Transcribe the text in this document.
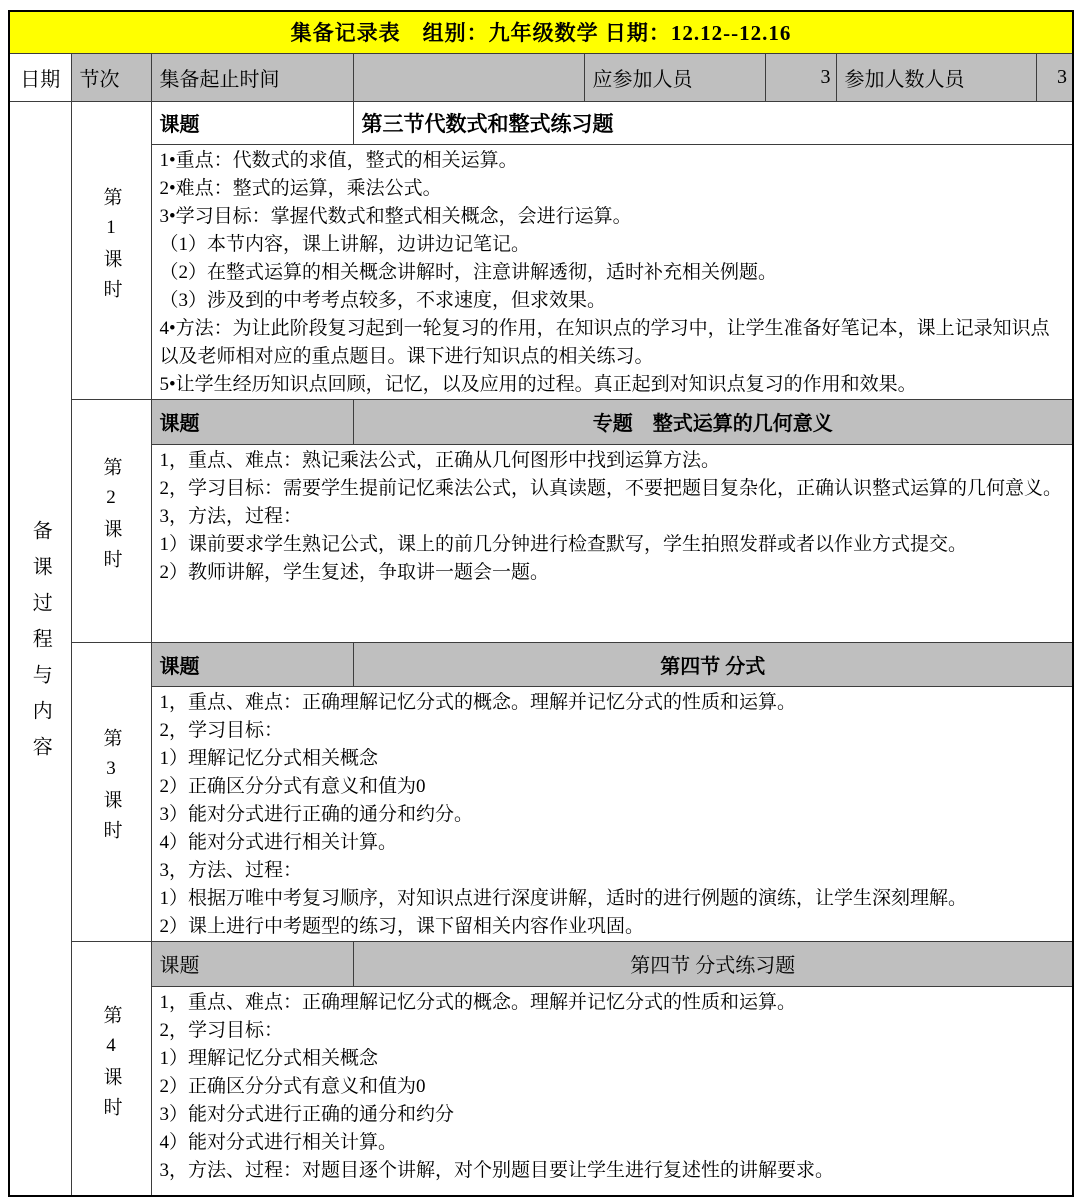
集备记录表　组别：九年级数学 日期：12.12--12.16							
日期	节次	集备起止时间		应参加人员	3	参加人数人员	3
备课过程与内容	第1课时	课题	第三节代数式和整式练习题				

1•重点：代数式的求值，整式的相关运算。

2•难点：整式的运算，乘法公式。

3•学习目标：掌握代数式和整式相关概念，会进行运算。

（1）本节内容，课上讲解，边讲边记笔记。

（2）在整式运算的相关概念讲解时，注意讲解透彻，适时补充相关例题。

（3）涉及到的中考考点较多，不求速度，但求效果。

4•方法：为让此阶段复习起到一轮复习的作用，在知识点的学习中，让学生准备好笔记本，课上记录知识点以及老师相对应的重点题目。课下进行知识点的相关练习。

5•让学生经历知识点回顾，记忆，以及应用的过程。真正起到对知识点复习的作用和效果。

	第2课时	课题	专题　整式运算的几何意义				

		1，重点、难点：熟记乘法公式，正确从几何图形中找到运算方法。

2，学习目标：需要学生提前记忆乘法公式，认真读题，不要把题目复杂化，正确认识整式运算的几何意义。

3，方法，过程：

1）课前要求学生熟记公式，课上的前几分钟进行检查默写，学生拍照发群或者以作业方式提交。

2）教师讲解，学生复述，争取讲一题会一题。					

	第3课时	课题	第四节 分式				

1，重点、难点：正确理解记忆分式的概念。理解并记忆分式的性质和运算。

2，学习目标：

1）理解记忆分式相关概念

2）正确区分分式有意义和值为0

3）能对分式进行正确的通分和约分。

4）能对分式进行相关计算。

3，方法、过程：

1）根据万唯中考复习顺序，对知识点进行深度讲解，适时的进行例题的演练，让学生深刻理解。

2）课上进行中考题型的练习，课下留相关内容作业巩固。

	第4课时	课题	第四节 分式练习题				

1，重点、难点：正确理解记忆分式的概念。理解并记忆分式的性质和运算。

2，学习目标：

1）理解记忆分式相关概念

2）正确区分分式有意义和值为0

3）能对分式进行正确的通分和约分

4）能对分式进行相关计算。

3，方法、过程：对题目逐个讲解，对个别题目要让学生进行复述性的讲解要求。
